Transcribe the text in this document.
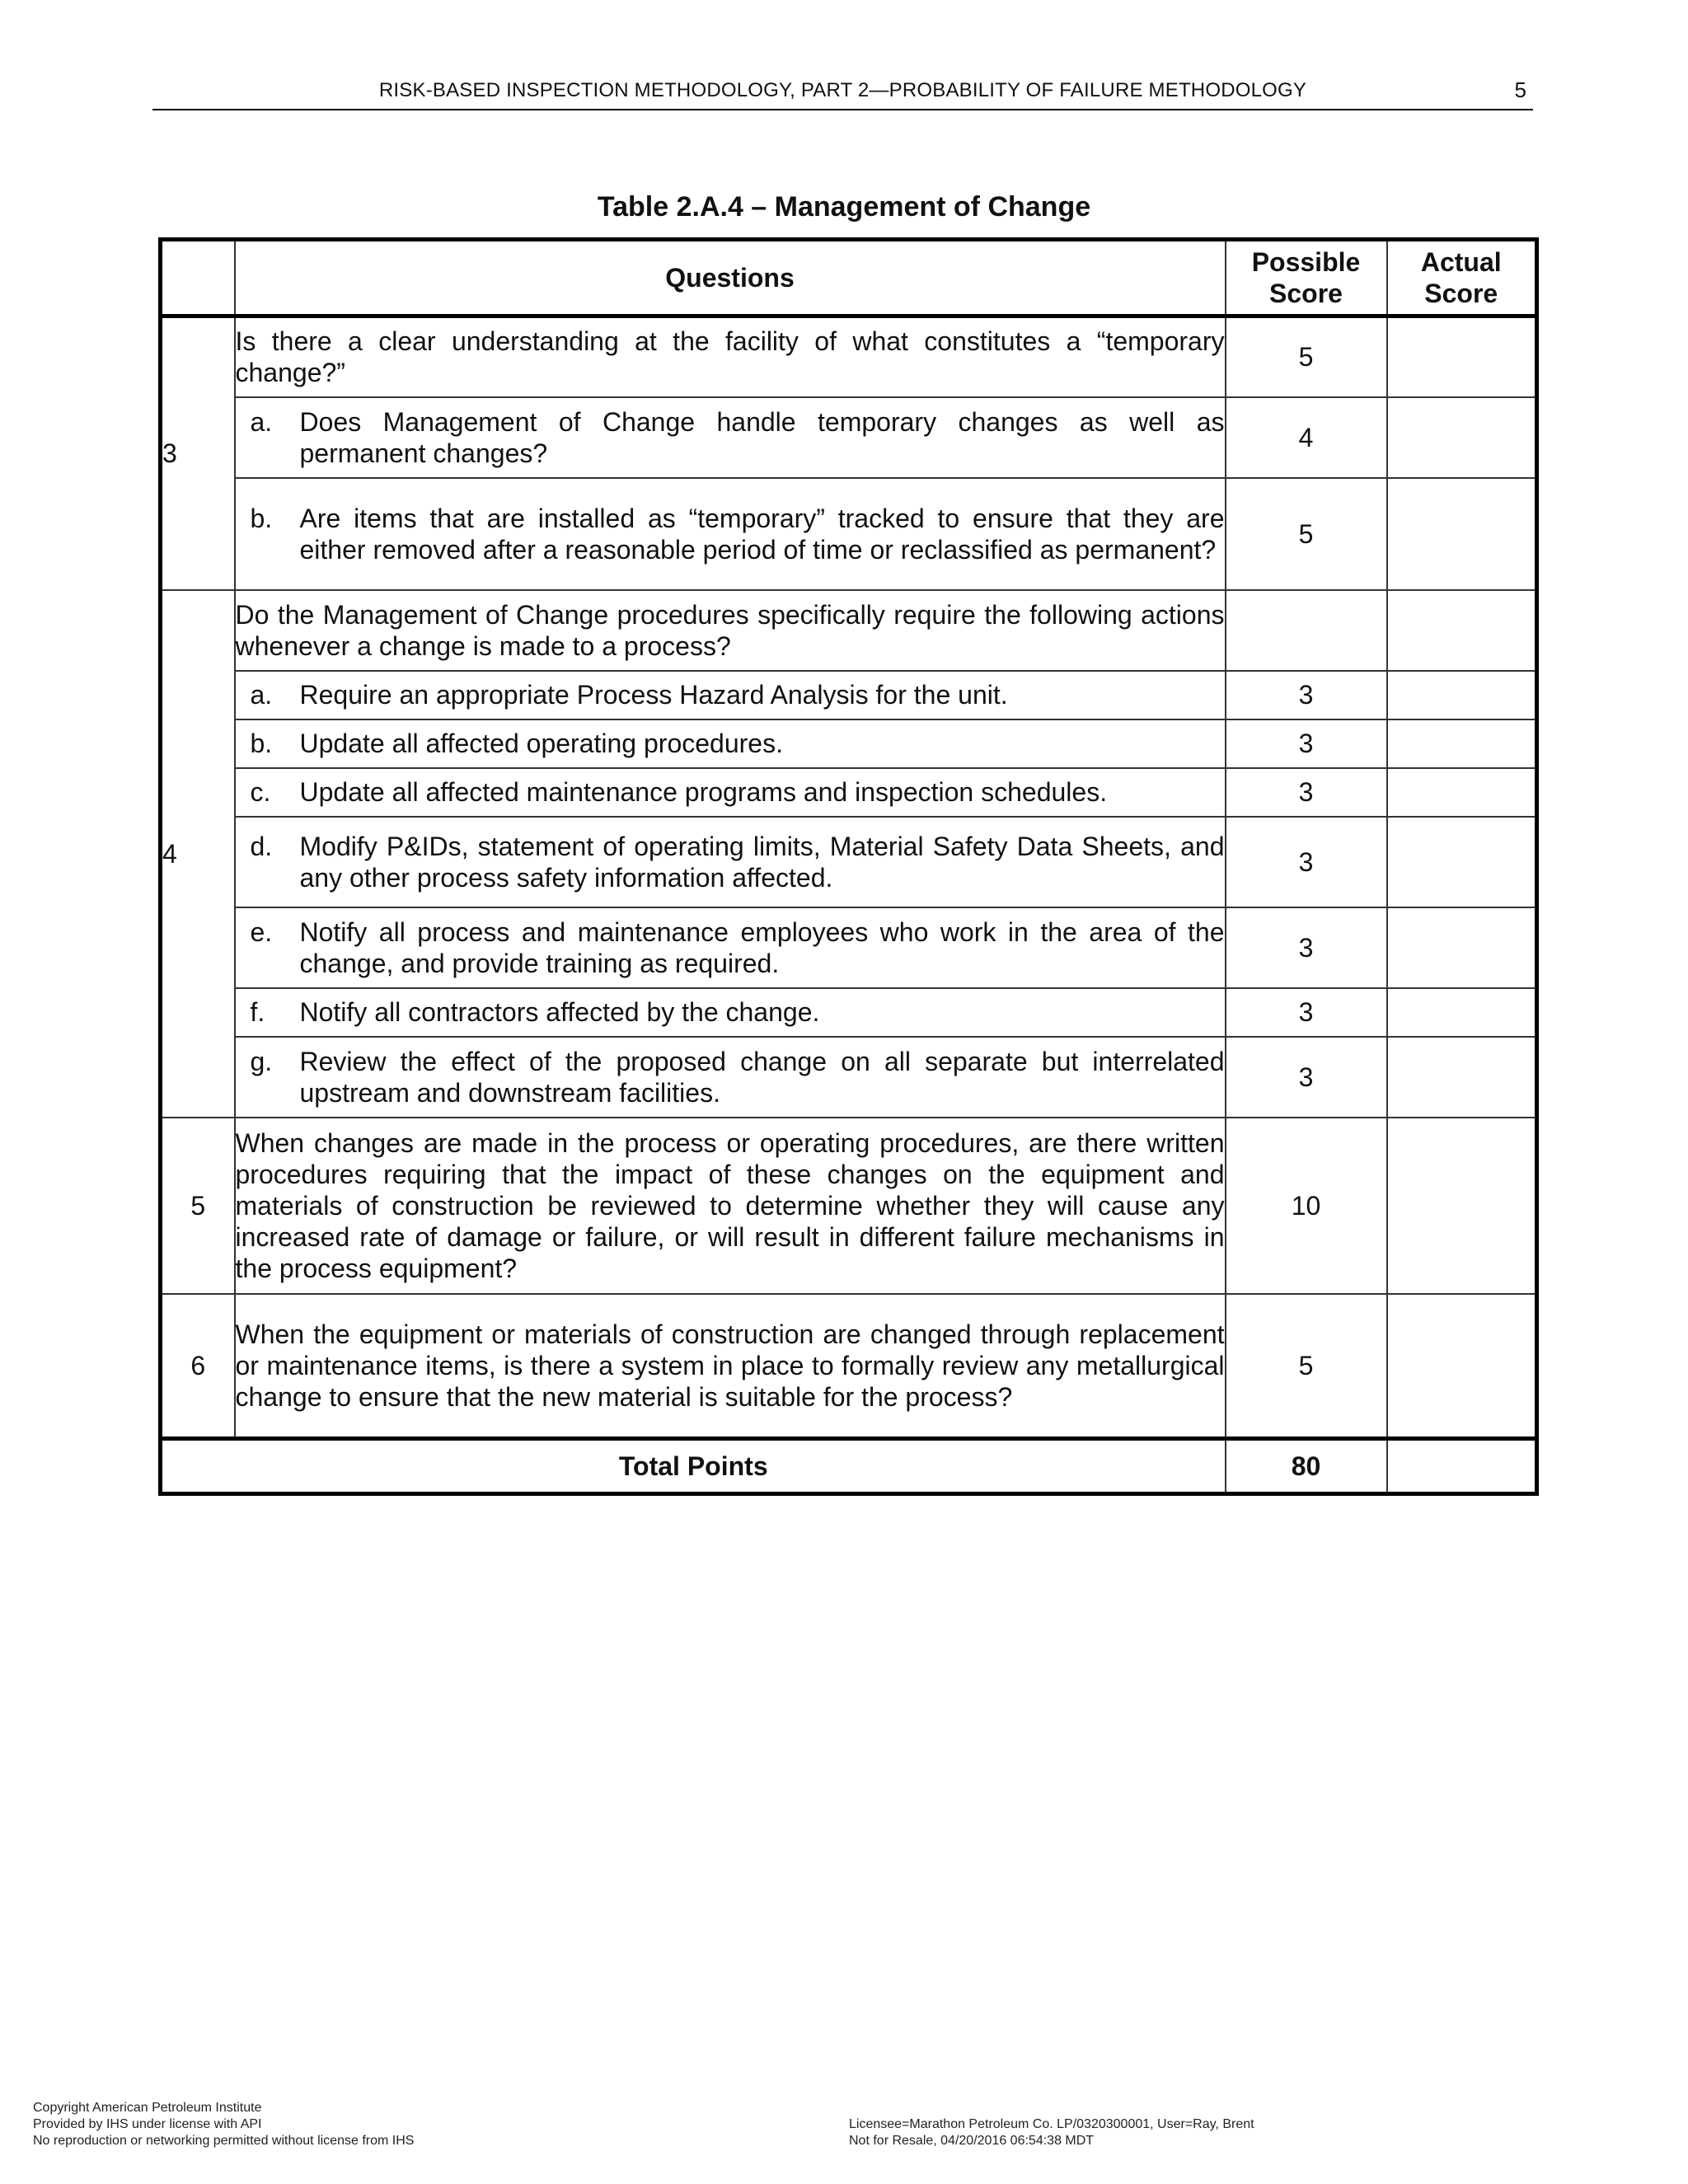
RISK-BASED INSPECTION METHODOLOGY, PART 2—PROBABILITY OF FAILURE METHODOLOGY	5
Table 2.A.4 – Management of Change
	Questions	Possible Score	Actual Score
3	Is there a clear understanding at the facility of what constitutes a “temporary change?”	5	

	a. Does Management of Change handle temporary changes as well as permanent changes?	4	

	b. Are items that are installed as “temporary” tracked to ensure that they are either removed after a reasonable period of time or reclassified as permanent?	5	
4	Do the Management of Change procedures specifically require the following actions whenever a change is made to a process?		

	a. Require an appropriate Process Hazard Analysis for the unit.	3	

	b. Update all affected operating procedures.	3	

	c. Update all affected maintenance programs and inspection schedules.	3	

	d. Modify P&IDs, statement of operating limits, Material Safety Data Sheets, and any other process safety information affected.	3	

	e. Notify all process and maintenance employees who work in the area of the change, and provide training as required.	3	

	f. Notify all contractors affected by the change.	3	

	g. Review the effect of the proposed change on all separate but interrelated upstream and downstream facilities.	3	
5	When changes are made in the process or operating procedures, are there written procedures requiring that the impact of these changes on the equipment and materials of construction be reviewed to determine whether they will cause any increased rate of damage or failure, or will result in different failure mechanisms in the process equipment?	10	
6	When the equipment or materials of construction are changed through replacement or maintenance items, is there a system in place to formally review any metallurgical change to ensure that the new material is suitable for the process?	5	
Total Points		80	
Copyright American Petroleum Institute
Provided by IHS under license with API
No reproduction or networking permitted without license from IHS
Licensee=Marathon Petroleum Co. LP/0320300001, User=Ray, Brent
Not for Resale, 04/20/2016 06:54:38 MDT
